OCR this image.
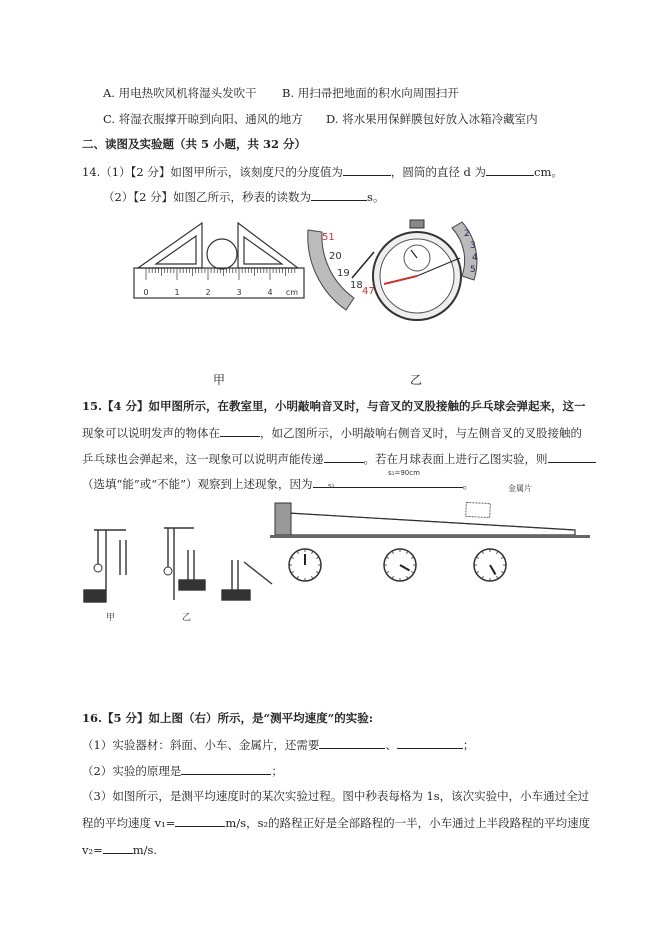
A. 用电热吹风机将湿头发吹干 B. 用扫帚把地面的积水向周围扫开
C. 将湿衣服撑开晾到向阳、通风的地方 D. 将水果用保鲜膜包好放入冰箱冷藏室内
二、读图及实验题（共 5 小题，共 32 分）
14.（1）【2 分】如图甲所示，该刻度尺的分度值为	，圆筒的直径 d 为	cm。
（2）【2 分】如图乙所示，秒表的读数为	s。
0	1	2	3	4 cm
51
20
19
18
47
2
3
4
5
甲	乙
15.【4 分】如甲图所示，在教室里，小明敲响音叉时，与音叉的叉股接触的乒乓球会弹起来，这一
现象可以说明发声的物体在	，如乙图所示，小明敲响右侧音叉时，与左侧音叉的叉股接触的
乒乓球也会弹起来，这一现象可以说明声能传递	。若在月球表面上进行乙图实验，则
（选填“能”或“不能”）观察到上述现象，因为	。
s₁=90cm
s₂	金属片
甲	乙
16.【5 分】如上图（右）所示，是“测平均速度”的实验:
（1）实验器材：斜面、小车、金属片，还需要	、	；
（2）实验的原理是	；
（3）如图所示，是测平均速度时的某次实验过程。图中秒表每格为 1s，该次实验中，小车通过全过
程的平均速度 v₁=	m/s，s₂的路程正好是全部路程的一半，小车通过上半段路程的平均速度
v₂=	m/s.
